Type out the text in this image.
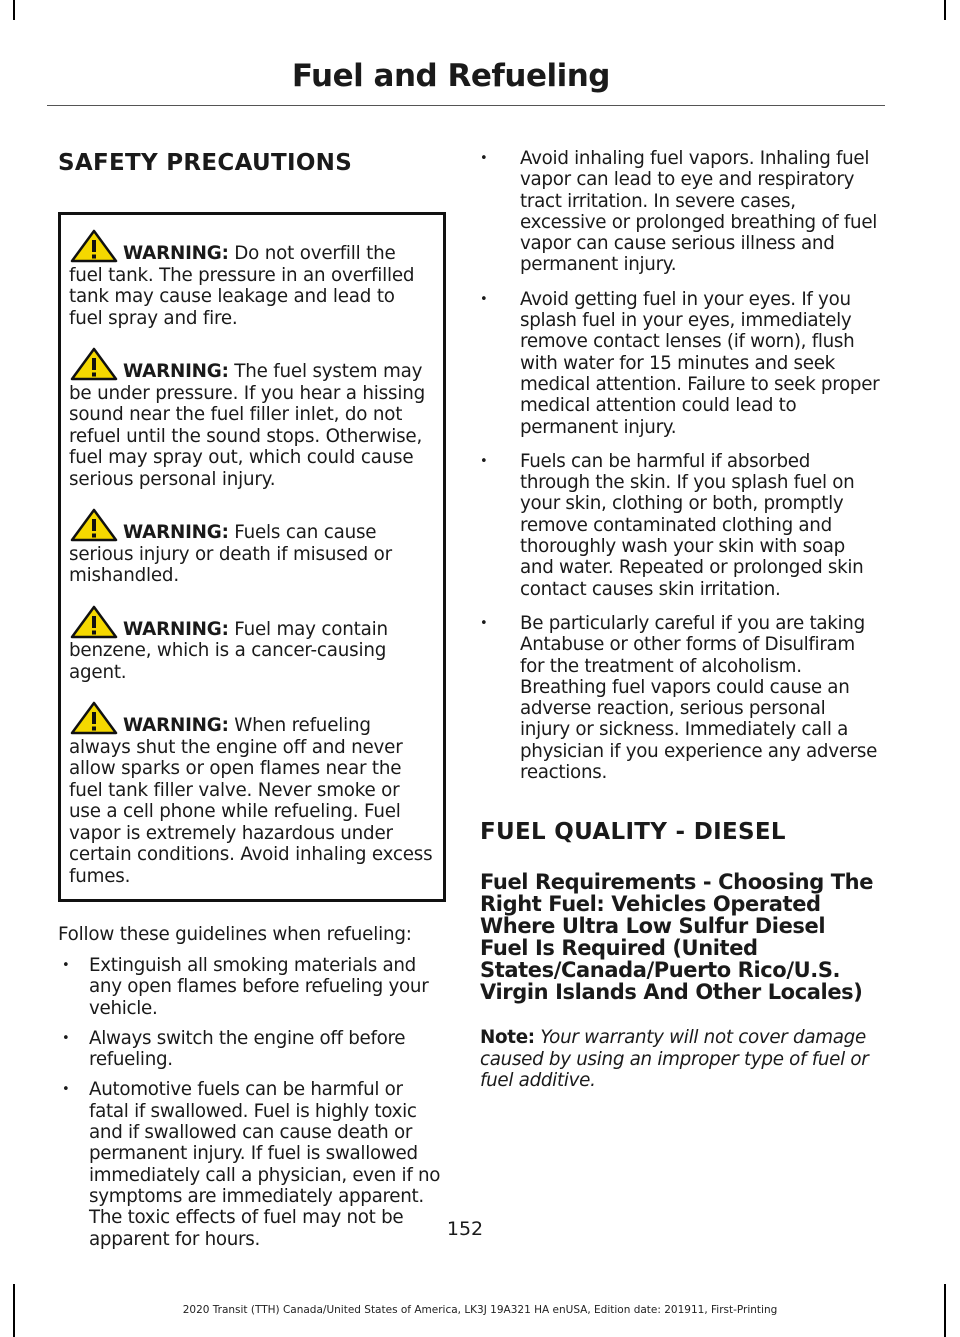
Fuel and Refueling
SAFETY PRECAUTIONS
WARNING: Do not overfill the fuel tank. The pressure in an overfilled tank may cause leakage and lead to fuel spray and fire.
WARNING: The fuel system may be under pressure. If you hear a hissing sound near the fuel filler inlet, do not refuel until the sound stops. Otherwise, fuel may spray out, which could cause serious personal injury.
WARNING: Fuels can cause serious injury or death if misused or mishandled.
WARNING: Fuel may contain benzene, which is a cancer-causing agent.
WARNING: When refueling always shut the engine off and never allow sparks or open flames near the fuel tank filler valve. Never smoke or use a cell phone while refueling. Fuel vapor is extremely hazardous under certain conditions. Avoid inhaling excess fumes.
Follow these guidelines when refueling:
• Extinguish all smoking materials and any open flames before refueling your vehicle.
• Always switch the engine off before refueling.
• Automotive fuels can be harmful or fatal if swallowed. Fuel is highly toxic and if swallowed can cause death or permanent injury. If fuel is swallowed immediately call a physician, even if no symptoms are immediately apparent. The toxic effects of fuel may not be apparent for hours.
• Avoid inhaling fuel vapors. Inhaling fuel vapor can lead to eye and respiratory tract irritation. In severe cases, excessive or prolonged breathing of fuel vapor can cause serious illness and permanent injury.
• Avoid getting fuel in your eyes. If you splash fuel in your eyes, immediately remove contact lenses (if worn), flush with water for 15 minutes and seek medical attention. Failure to seek proper medical attention could lead to permanent injury.
• Fuels can be harmful if absorbed through the skin. If you splash fuel on your skin, clothing or both, promptly remove contaminated clothing and thoroughly wash your skin with soap and water. Repeated or prolonged skin contact causes skin irritation.
• Be particularly careful if you are taking Antabuse or other forms of Disulfiram for the treatment of alcoholism. Breathing fuel vapors could cause an adverse reaction, serious personal injury or sickness. Immediately call a physician if you experience any adverse reactions.
FUEL QUALITY - DIESEL
Fuel Requirements - Choosing The Right Fuel: Vehicles Operated Where Ultra Low Sulfur Diesel Fuel Is Required (United States/Canada/Puerto Rico/U.S. Virgin Islands And Other Locales)
Note: Your warranty will not cover damage caused by using an improper type of fuel or fuel additive.
152
2020 Transit (TTH) Canada/United States of America, LK3J 19A321 HA enUSA, Edition date: 201911, First-Printing
